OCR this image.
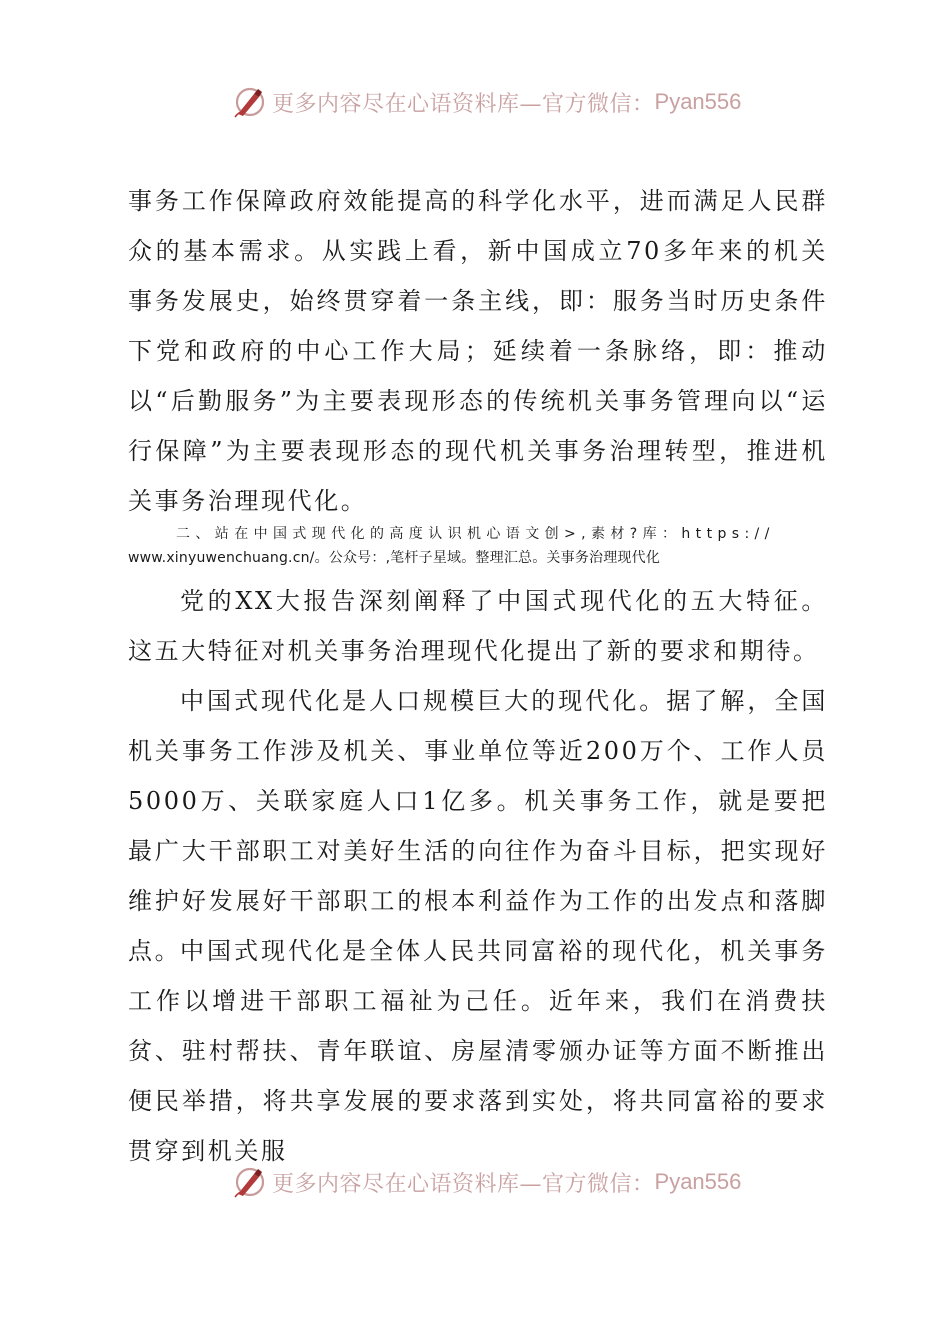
更多内容尽在心语资料库—官方微信： Pyan556
事务工作保障政府效能提高的科学化水平，进而满足人民群众的基本需求。从实践上看，新中国成立70多年来的机关事务发展史，始终贯穿着一条主线，即：服务当时历史条件下党和政府的中心工作大局；延续着一条脉络，即：推动以“后勤服务”为主要表现形态的传统机关事务管理向以“运行保障”为主要表现形态的现代机关事务治理转型，推进机关事务治理现代化。
二、站在中国式现代化的高度认识机心语文创>,素材?库：https://
www.xinyuwenchuang.cn/。公众号：,笔杆子星域。整理汇总。关事务治理现代化
党的XX大报告深刻阐释了中国式现代化的五大特征。这五大特征对机关事务治理现代化提出了新的要求和期待。
中国式现代化是人口规模巨大的现代化。据了解，全国机关事务工作涉及机关、事业单位等近200万个、工作人员5000万、关联家庭人口1亿多。机关事务工作，就是要把最广大干部职工对美好生活的向往作为奋斗目标，把实现好维护好发展好干部职工的根本利益作为工作的出发点和落脚点。
中国式现代化是全体人民共同富裕的现代化，机关事务工作以增进干部职工福祉为己任。近年来，我们在消费扶贫、驻村帮扶、青年联谊、房屋清零颁办证等方面不断推出便民举措，将共享发展的要求落到实处，将共同富裕的要求贯穿到机关服
更多内容尽在心语资料库—官方微信： Pyan556
